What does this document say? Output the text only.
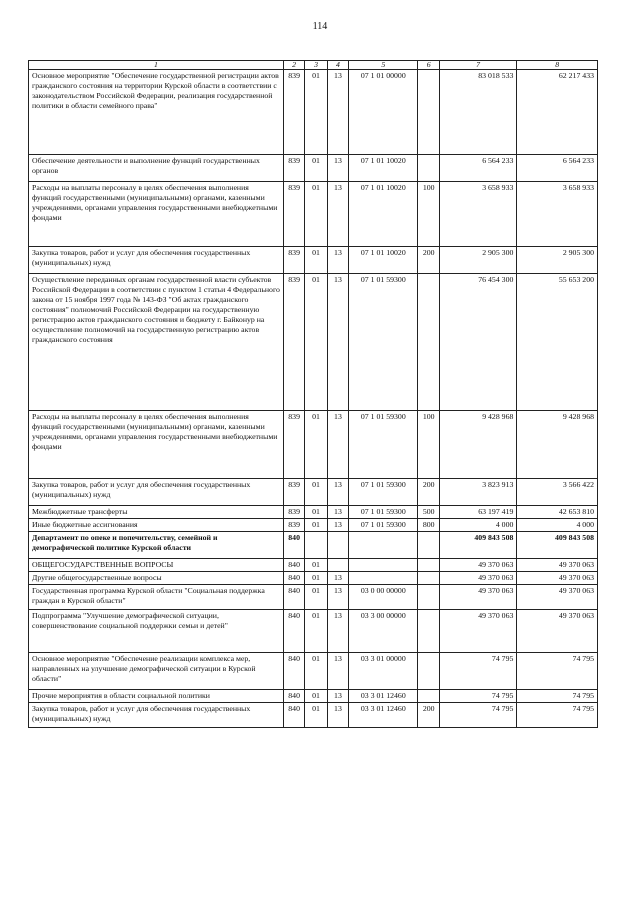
114
1	2	3	4	5	6	7	8
Основное мероприятие "Обеспечение государственной регистрации актов гражданского состояния на территории Курской области в соответствии с законодательством Российской Федерации, реализация государственной политики в области семейного права"	839	01	13	07 1 01 00000		83 018 533	62 217 433
Обеспечение деятельности и выполнение функций государственных органов	839	01	13	07 1 01 10020		6 564 233	6 564 233
Расходы на выплаты персоналу в целях обеспечения выполнения функций государственными (муниципальными) органами, казенными учреждениями, органами управления государственными внебюджетными фондами	839	01	13	07 1 01 10020	100	3 658 933	3 658 933
Закупка товаров, работ и услуг для обеспечения государственных (муниципальных) нужд	839	01	13	07 1 01 10020	200	2 905 300	2 905 300
Осуществление переданных органам государственной власти субъектов Российской Федерации в соответствии с пунктом 1 статьи 4 Федерального закона от 15 ноября 1997 года № 143-ФЗ "Об актах гражданского состояния" полномочий Российской Федерации на государственную регистрацию актов гражданского состояния и бюджету г. Байконур на осуществление полномочий на государственную регистрацию актов гражданского состояния	839	01	13	07 1 01 59300		76 454 300	55 653 200
Расходы на выплаты персоналу в целях обеспечения выполнения функций государственными (муниципальными) органами, казенными учреждениями, органами управления государственными внебюджетными фондами	839	01	13	07 1 01 59300	100	9 428 968	9 428 968
Закупка товаров, работ и услуг для обеспечения государственных (муниципальных) нужд	839	01	13	07 1 01 59300	200	3 823 913	3 566 422
Межбюджетные трансферты	839	01	13	07 1 01 59300	500	63 197 419	42 653 810
Иные бюджетные ассигнования	839	01	13	07 1 01 59300	800	4 000	4 000
Департамент по опеке и попечительству, семейной и демографической политике Курской области	840					409 843 508	409 843 508
ОБЩЕГОСУДАРСТВЕННЫЕ ВОПРОСЫ	840	01				49 370 063	49 370 063
Другие общегосударственные вопросы	840	01	13			49 370 063	49 370 063
Государственная программа Курской области "Социальная поддержка граждан в Курской области"	840	01	13	03 0 00 00000		49 370 063	49 370 063
Подпрограмма "Улучшение демографической ситуации, совершенствование социальной поддержки семьи и детей"	840	01	13	03 3 00 00000		49 370 063	49 370 063
Основное мероприятие "Обеспечение реализации комплекса мер, направленных на улучшение демографической ситуации в Курской области"	840	01	13	03 3 01 00000		74 795	74 795
Прочие мероприятия в области социальной политики	840	01	13	03 3 01 12460		74 795	74 795
Закупка товаров, работ и услуг для обеспечения государственных (муниципальных) нужд	840	01	13	03 3 01 12460	200	74 795	74 795
